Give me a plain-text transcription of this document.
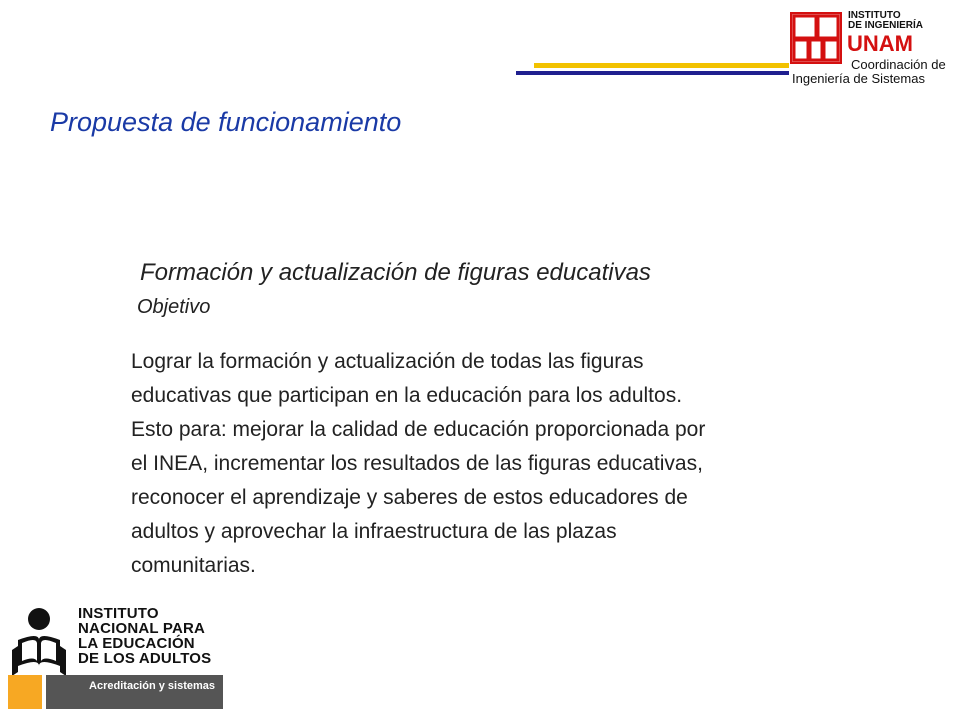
INSTITUTO
DE INGENIERÍA
UNAM
Coordinación de
Ingeniería de Sistemas
Propuesta de funcionamiento
Formación y actualización de figuras educativas
Objetivo
Lograr la formación y actualización de todas las figuras
educativas que participan en la educación para los adultos.
Esto para: mejorar la calidad de educación proporcionada por
el INEA, incrementar los resultados de las figuras educativas,
reconocer el aprendizaje y saberes de estos educadores de
adultos y aprovechar la infraestructura de las plazas
comunitarias.
INSTITUTO
NACIONAL PARA
LA EDUCACIÓN
DE LOS ADULTOS
Acreditación y sistemas
